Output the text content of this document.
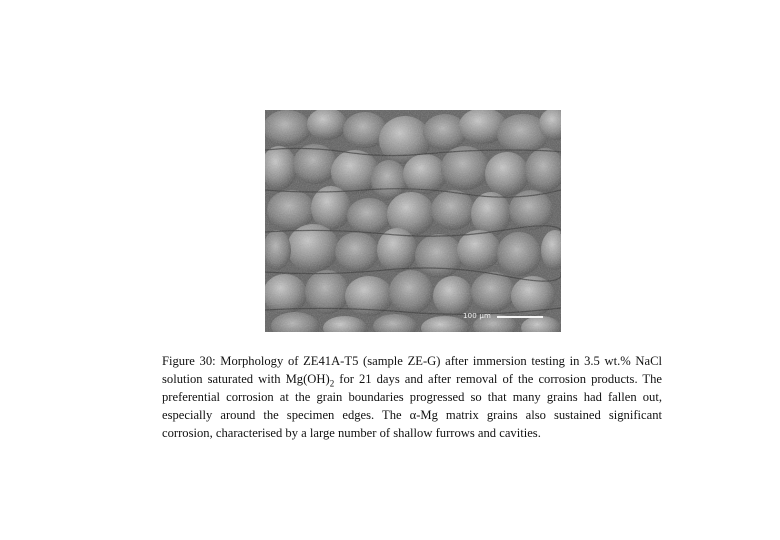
100 µm

Figure 30: Morphology of ZE41A-T5 (sample ZE-G) after immersion testing in 3.5 wt.% NaCl solution saturated with $Mg(OH)_2$ for 21 days and after removal of the corrosion products. The preferential corrosion at the grain boundaries progressed so that many grains had fallen out, especially around the specimen edges. The α-Mg matrix grains also sustained significant corrosion, characterised by a large number of shallow furrows and cavities.
